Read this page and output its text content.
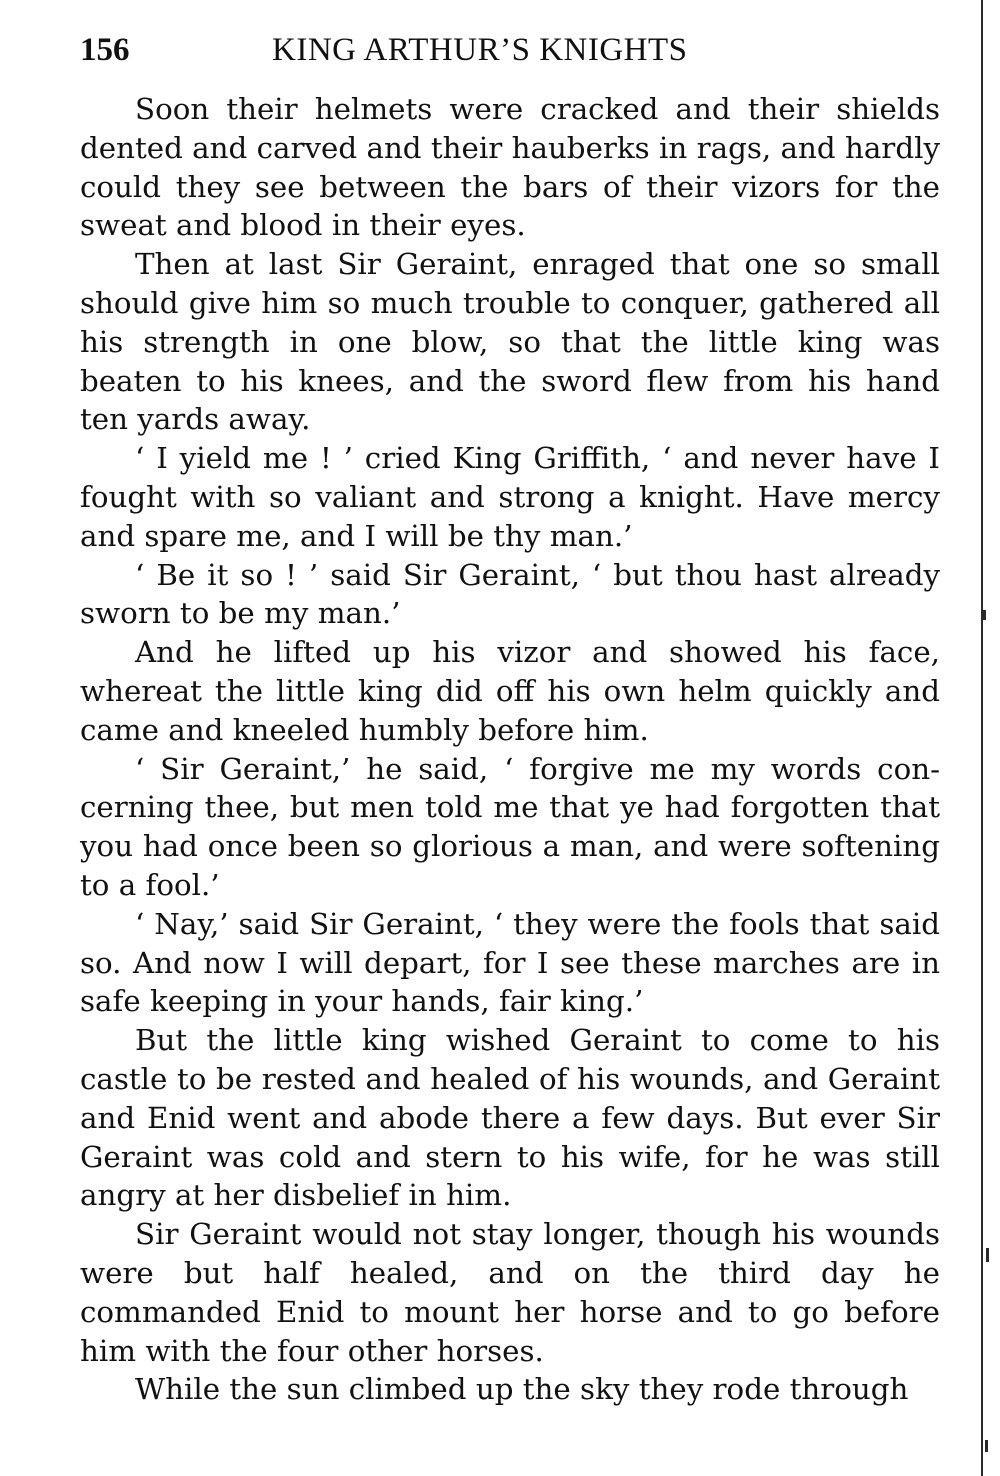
156	KING ARTHUR’S KNIGHTS

Soon their helmets were cracked and their shields dented and carved and their hauberks in rags, and hardly could they see between the bars of their vizors for the sweat and blood in their eyes.

Then at last Sir Geraint, enraged that one so small should give him so much trouble to conquer, gathered all his strength in one blow, so that the little king was beaten to his knees, and the sword flew from his hand ten yards away.

‘ I yield me ! ’ cried King Griffith, ‘ and never have I fought with so valiant and strong a knight. Have mercy and spare me, and I will be thy man.’

‘ Be it so ! ’ said Sir Geraint, ‘ but thou hast already sworn to be my man.’

And he lifted up his vizor and showed his face, whereat the little king did off his own helm quickly and came and kneeled humbly before him.

‘ Sir Geraint,’ he said, ‘ forgive me my words concerning thee, but men told me that ye had forgotten that you had once been so glorious a man, and were softening to a fool.’

‘ Nay,’ said Sir Geraint, ‘ they were the fools that said so. And now I will depart, for I see these marches are in safe keeping in your hands, fair king.’

But the little king wished Geraint to come to his castle to be rested and healed of his wounds, and Geraint and Enid went and abode there a few days. But ever Sir Geraint was cold and stern to his wife, for he was still angry at her disbelief in him.

Sir Geraint would not stay longer, though his wounds were but half healed, and on the third day he commanded Enid to mount her horse and to go before him with the four other horses.

While the sun climbed up the sky they rode through
